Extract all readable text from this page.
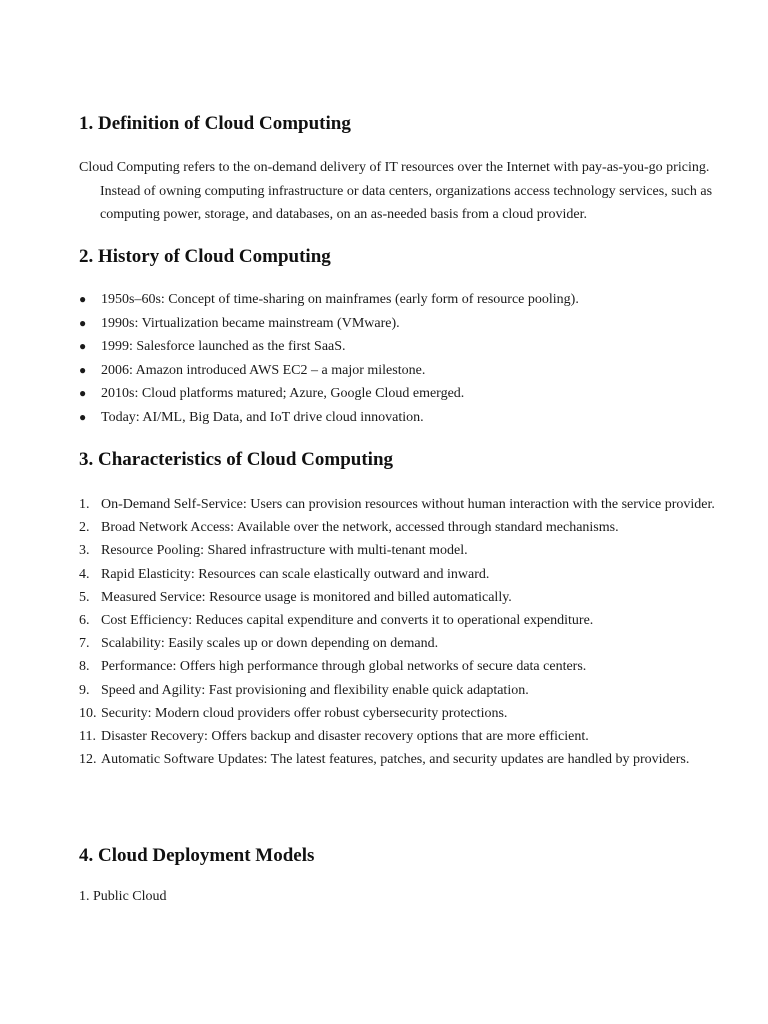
1. Definition of Cloud Computing

Cloud Computing refers to the on-demand delivery of IT resources over the Internet with pay-as-you-go pricing. Instead of owning computing infrastructure or data centers, organizations access technology services, such as computing power, storage, and databases, on an as-needed basis from a cloud provider.

2. History of Cloud Computing
● 1950s–60s: Concept of time-sharing on mainframes (early form of resource pooling).
● 1990s: Virtualization became mainstream (VMware).
● 1999: Salesforce launched as the first SaaS.
● 2006: Amazon introduced AWS EC2 – a major milestone.
● 2010s: Cloud platforms matured; Azure, Google Cloud emerged.
● Today: AI/ML, Big Data, and IoT drive cloud innovation.
3. Characteristics of Cloud Computing
1. On-Demand Self-Service: Users can provision resources without human interaction with the service provider.
2. Broad Network Access: Available over the network, accessed through standard mechanisms.
3. Resource Pooling: Shared infrastructure with multi-tenant model.
4. Rapid Elasticity: Resources can scale elastically outward and inward.
5. Measured Service: Resource usage is monitored and billed automatically.
6. Cost Efficiency: Reduces capital expenditure and converts it to operational expenditure.
7. Scalability: Easily scales up or down depending on demand.
8. Performance: Offers high performance through global networks of secure data centers.
9. Speed and Agility: Fast provisioning and flexibility enable quick adaptation.
10. Security: Modern cloud providers offer robust cybersecurity protections.
11. Disaster Recovery: Offers backup and disaster recovery options that are more efficient.
12. Automatic Software Updates: The latest features, patches, and security updates are handled by providers.
4. Cloud Deployment Models

1. Public Cloud
